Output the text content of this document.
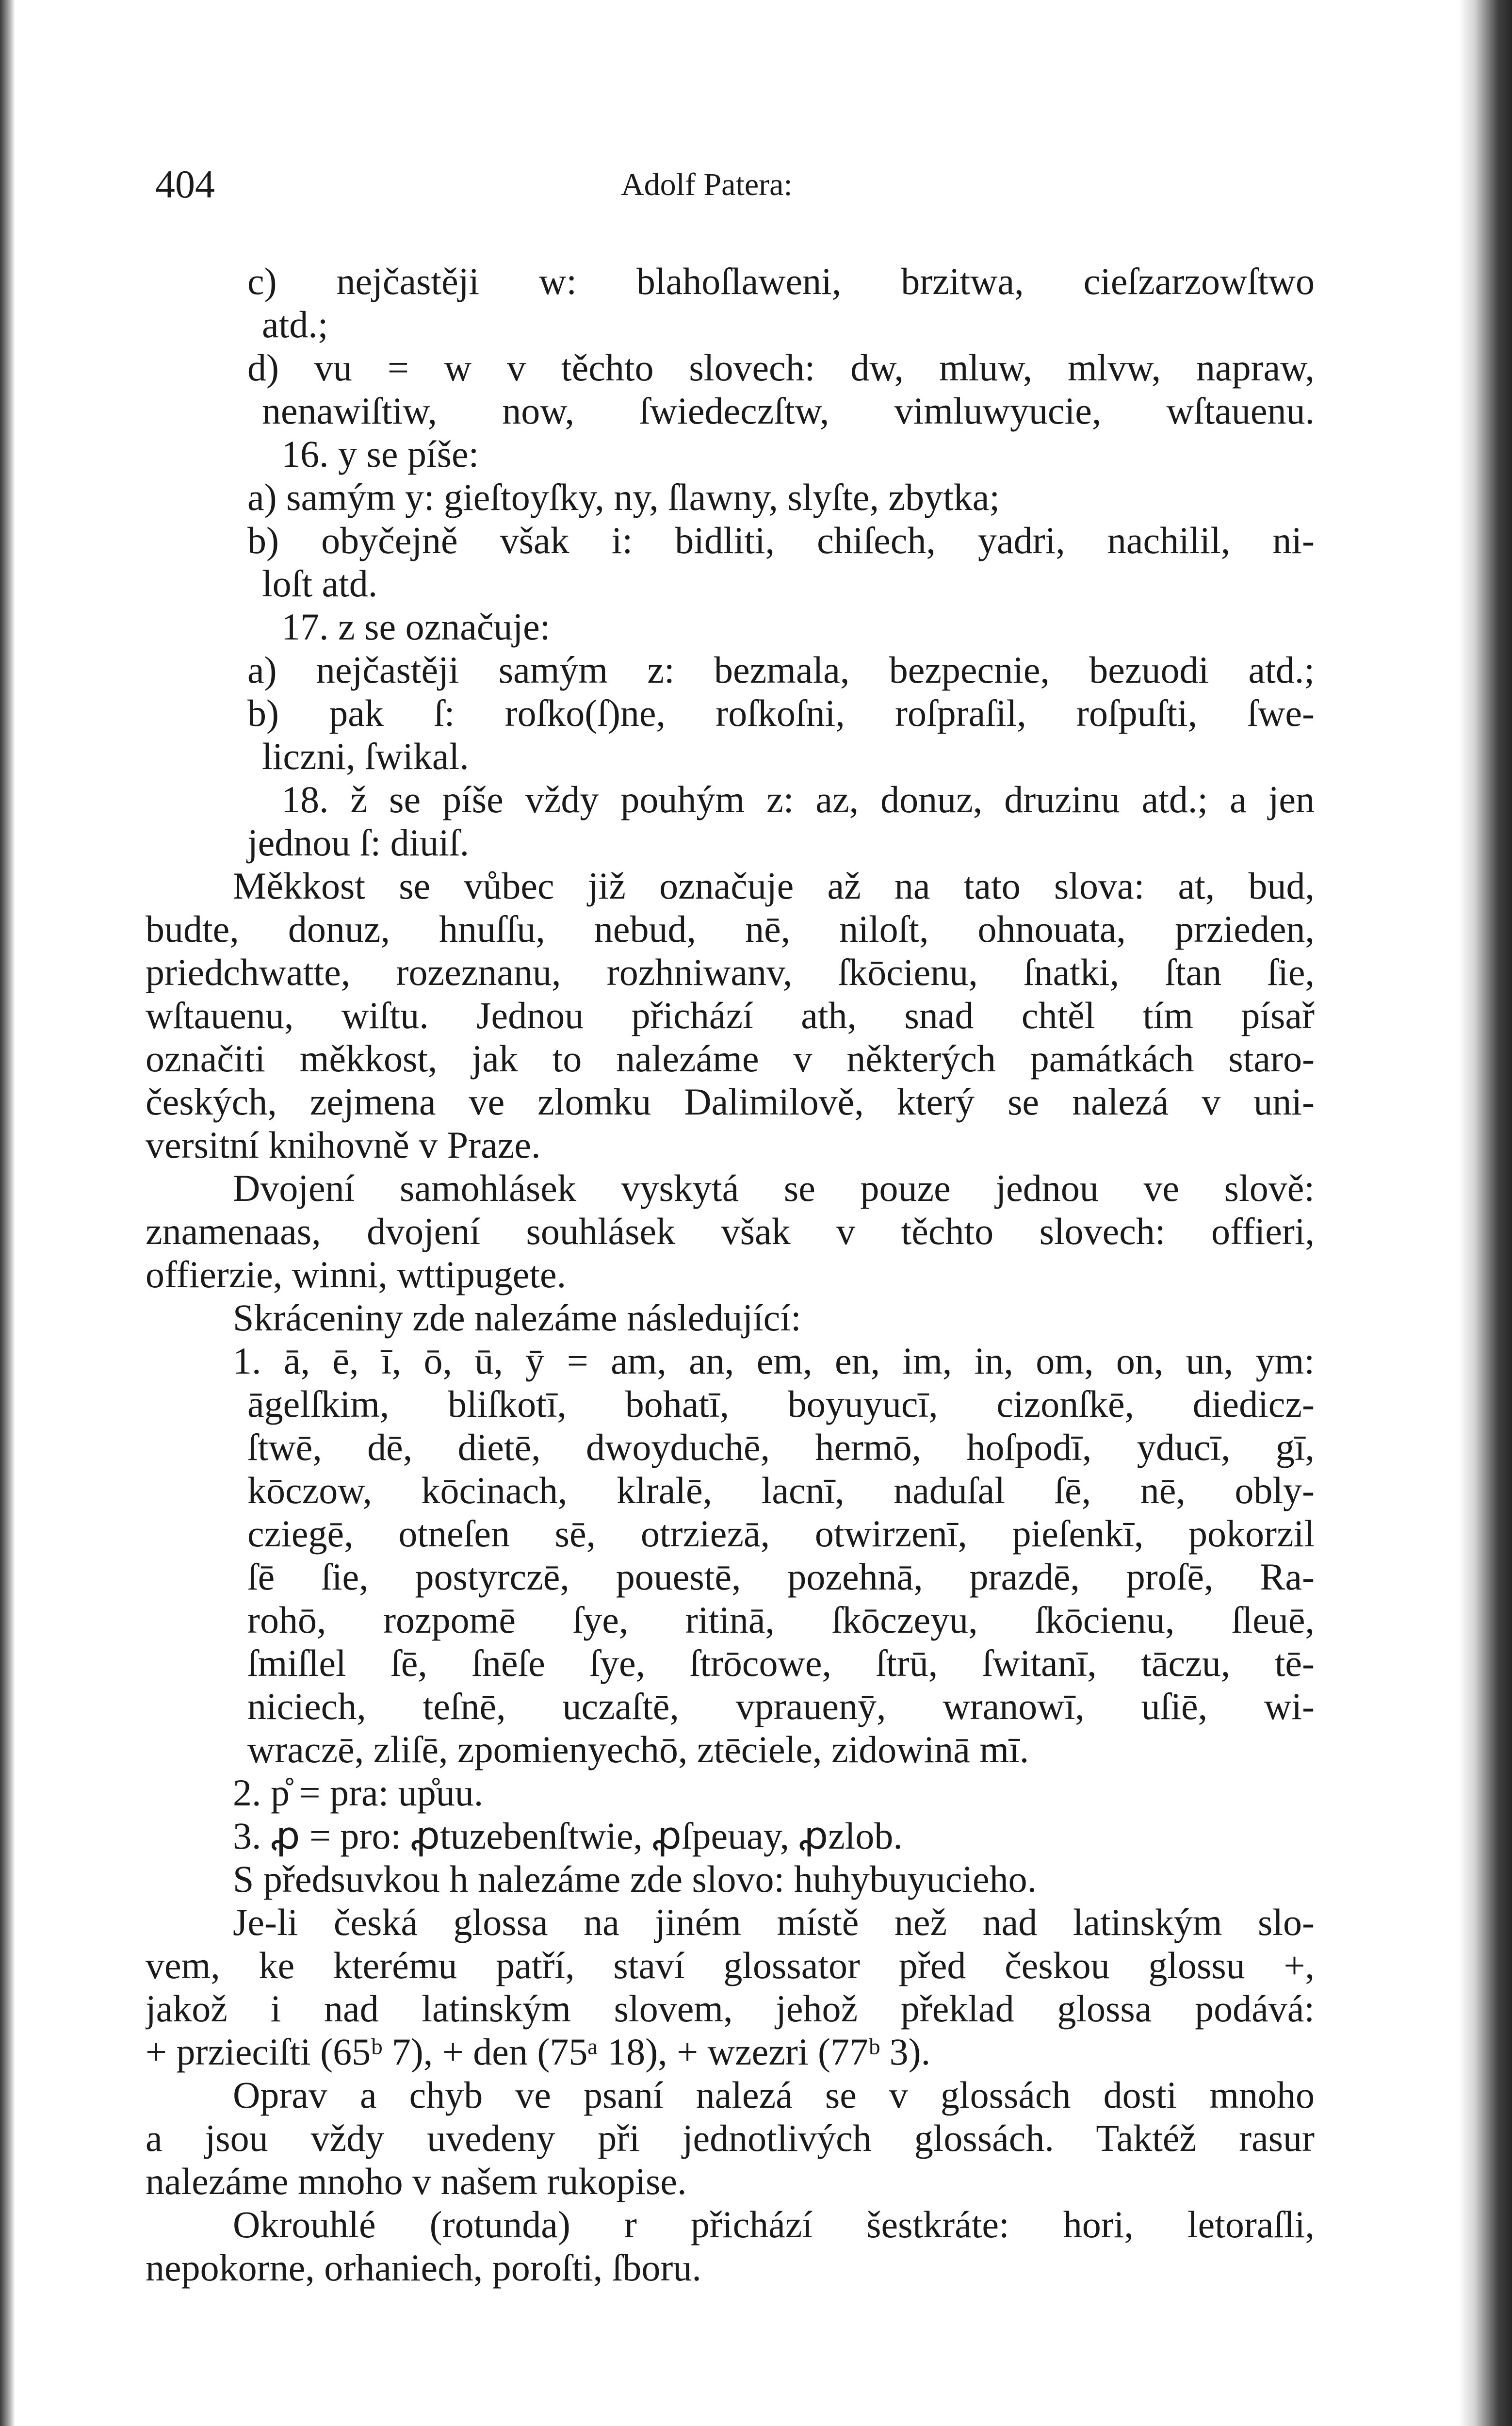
404	Adolf Patera:
c) nejčastěji w: blahoſlaweni, brzitwa, cieſzarzowſtwo
atd.;
d) vu = w v těchto slovech: dw, mluw, mlvw, napraw,
nenawiſtiw, now, ſwiedeczſtw, vimluwyucie, wſtauenu.
16. y se píše:
a) samým y: gieſtoyſky, ny, ſlawny, slyſte, zbytka;
b) obyčejně však i: bidliti, chiſech, yadri, nachilil, ni-
loſt atd.
17. z se označuje:
a) nejčastěji samým z: bezmala, bezpecnie, bezuodi atd.;
b) pak ſ: roſko(ſ)ne, roſkoſni, roſpraſil, roſpuſti, ſwe-
liczni, ſwikal.
18. ž se píše vždy pouhým z: az, donuz, druzinu atd.; a jen
jednou ſ: diuiſ.
Měkkost se vůbec již označuje až na tato slova: at, bud,
budte, donuz, hnuſſu, nebud, nē, niloſt, ohnouata, przieden,
priedchwatte, rozeznanu, rozhniwanv, ſkōcienu, ſnatki, ſtan ſie,
wſtauenu, wiſtu. Jednou přichází ath, snad chtěl tím písař
označiti měkkost, jak to nalezáme v některých památkách staro-
českých, zejmena ve zlomku Dalimilově, který se nalezá v uni-
versitní knihovně v Praze.
Dvojení samohlásek vyskytá se pouze jednou ve slově:
znamenaas, dvojení souhlásek však v těchto slovech: offieri,
offierzie, winni, wttipugete.
Skráceniny zde nalezáme následující:
1. ā, ē, ī, ō, ū, ȳ = am, an, em, en, im, in, om, on, un, ym:
āgelſkim, bliſkotī, bohatī, boyuyucī, cizonſkē, diedicz-
ſtwē, dē, dietē, dwoyduchē, hermō, hoſpodī, yducī, gī,
kōczow, kōcinach, klralē, lacnī, naduſal ſē, nē, obly-
cziegē, otneſen sē, otrziezā, otwirzenī, pieſenkī, pokorzil
ſē ſie, postyrczē, pouestē, pozehnā, prazdē, proſē, Ra-
rohō, rozpomē ſye, ritinā, ſkōczeyu, ſkōcienu, ſleuē,
ſmiſlel ſē, ſnēſe ſye, ſtrōcowe, ſtrū, ſwitanī, tāczu, tē-
niciech, teſnē, uczaſtē, vprauenȳ, wranowī, uſiē, wi-
wraczē, zliſē, zpomienyechō, ztēciele, zidowinā mī.
2. p̊ = pra: up̊uu.
3. ꝓ = pro: ꝓtuzebenſtwie, ꝓſpeuay, ꝓzlob.
S předsuvkou h nalezáme zde slovo: huhybuyucieho.
Je-li česká glossa na jiném místě než nad latinským slo-
vem, ke kterému patří, staví glossator před českou glossu +,
jakož i nad latinským slovem, jehož překlad glossa podává:
+ przieciſti (65ᵇ 7), + den (75ᵃ 18), + wzezri (77ᵇ 3).
Oprav a chyb ve psaní nalezá se v glossách dosti mnoho
a jsou vždy uvedeny při jednotlivých glossách. Taktéž rasur
nalezáme mnoho v našem rukopise.
Okrouhlé (rotunda) r přichází šestkráte: hori, letoraſli,
nepokorne, orhaniech, poroſti, ſboru.
